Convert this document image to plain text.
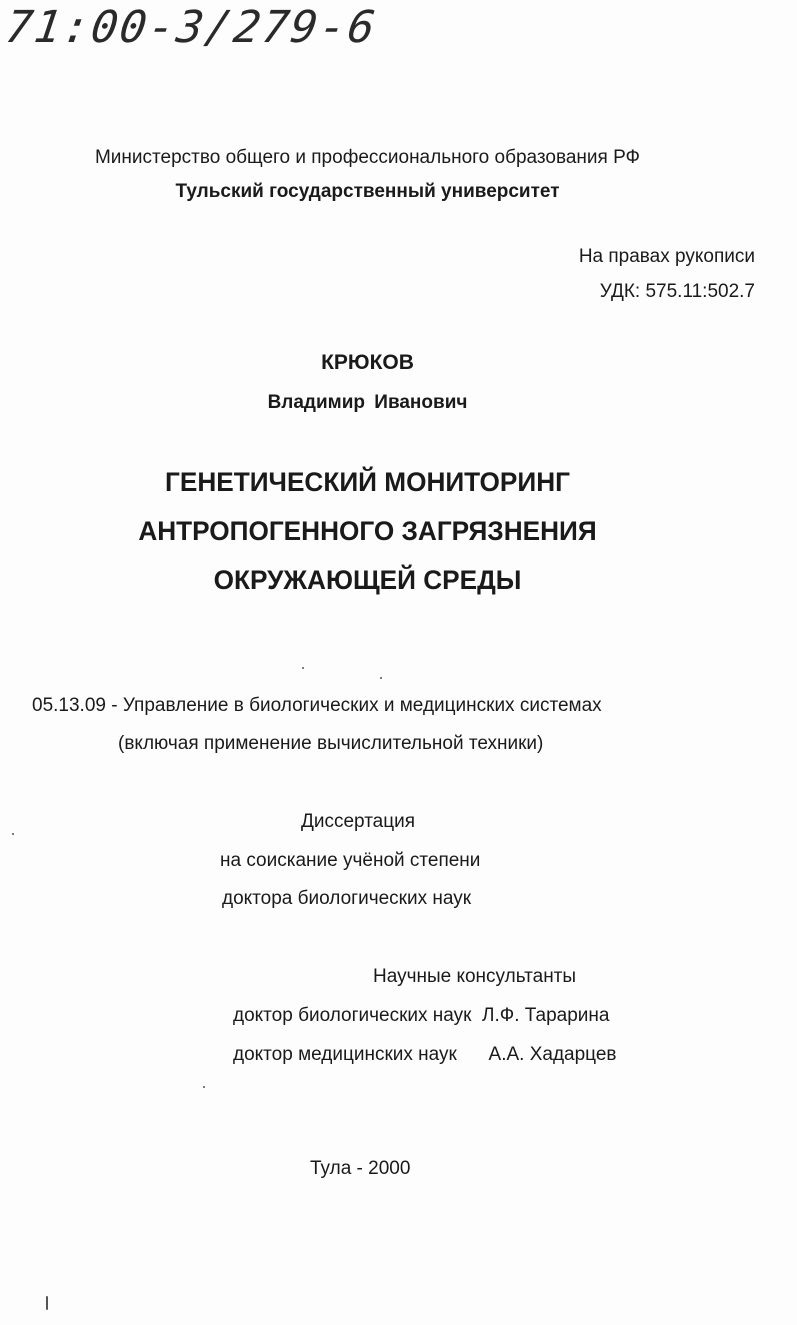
71:00-3/279-6
Министерство общего и профессионального образования РФ
Тульский государственный университет
На правах рукописи
УДК: 575.11:502.7
КРЮКОВ
Владимир Иванович
ГЕНЕТИЧЕСКИЙ МОНИТОРИНГ
АНТРОПОГЕННОГО ЗАГРЯЗНЕНИЯ
ОКРУЖАЮЩЕЙ СРЕДЫ
05.13.09 - Управление в биологических и медицинских системах
(включая применение вычислительной техники)
Диссертация
на соискание учёной степени
доктора биологических наук
Научные консультанты
доктор биологических наук Л.Ф. Тарарина
доктор медицинских наук А.А. Хадарцев
Тула - 2000
